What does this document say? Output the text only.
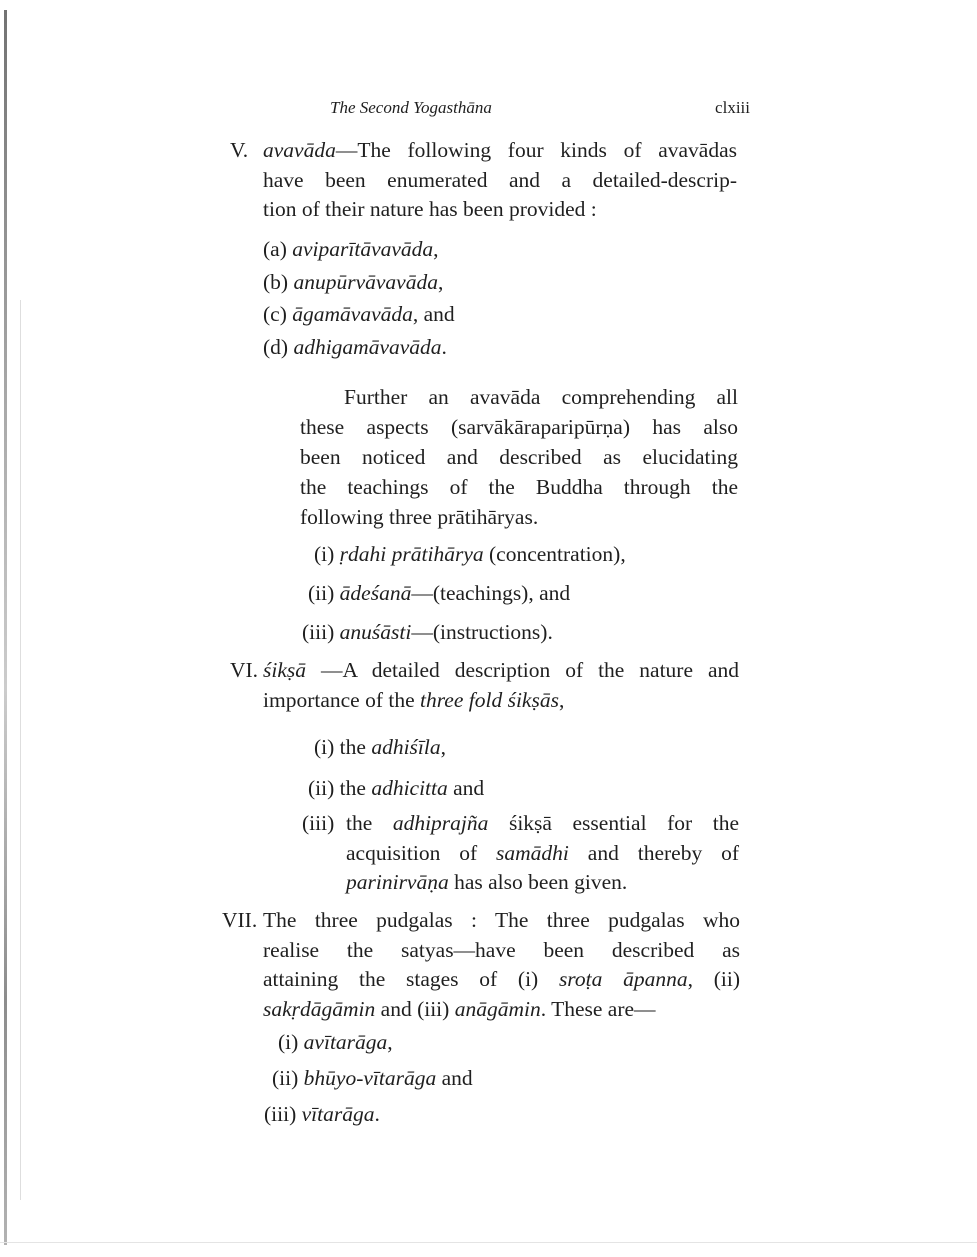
The Second Yogasthāna	clxiii
V. avavāda—The following four kinds of avavādas
have been enumerated and a detailed-descrip-
tion of their nature has been provided :
(a) aviparītāvavāda,
(b) anupūrvāvavāda,
(c) āgamāvavāda, and
(d) adhigamāvavāda.
Further an avavāda comprehending all
these aspects (sarvākāraparipūrṇa) has also
been noticed and described as elucidating
the teachings of the Buddha through the
following three prātihāryas.
(i) ṛdahi prātihārya (concentration),
(ii) ādeśanā—(teachings), and
(iii) anuśāsti—(instructions).
VI. śikṣā —A detailed description of the nature and
importance of the three fold śikṣās,
(i) the adhiśīla,
(ii) the adhicitta and
(iii) the adhiprajña śikṣā essential for the
acquisition of samādhi and thereby of
parinirvāṇa has also been given.
VII. The three pudgalas : The three pudgalas who
realise the satyas—have been described as
attaining the stages of (i) sroṭa āpanna, (ii)
sakṛdāgāmin and (iii) anāgāmin. These are—
(i) avītarāga,
(ii) bhūyo-vītarāga and
(iii) vītarāga.
